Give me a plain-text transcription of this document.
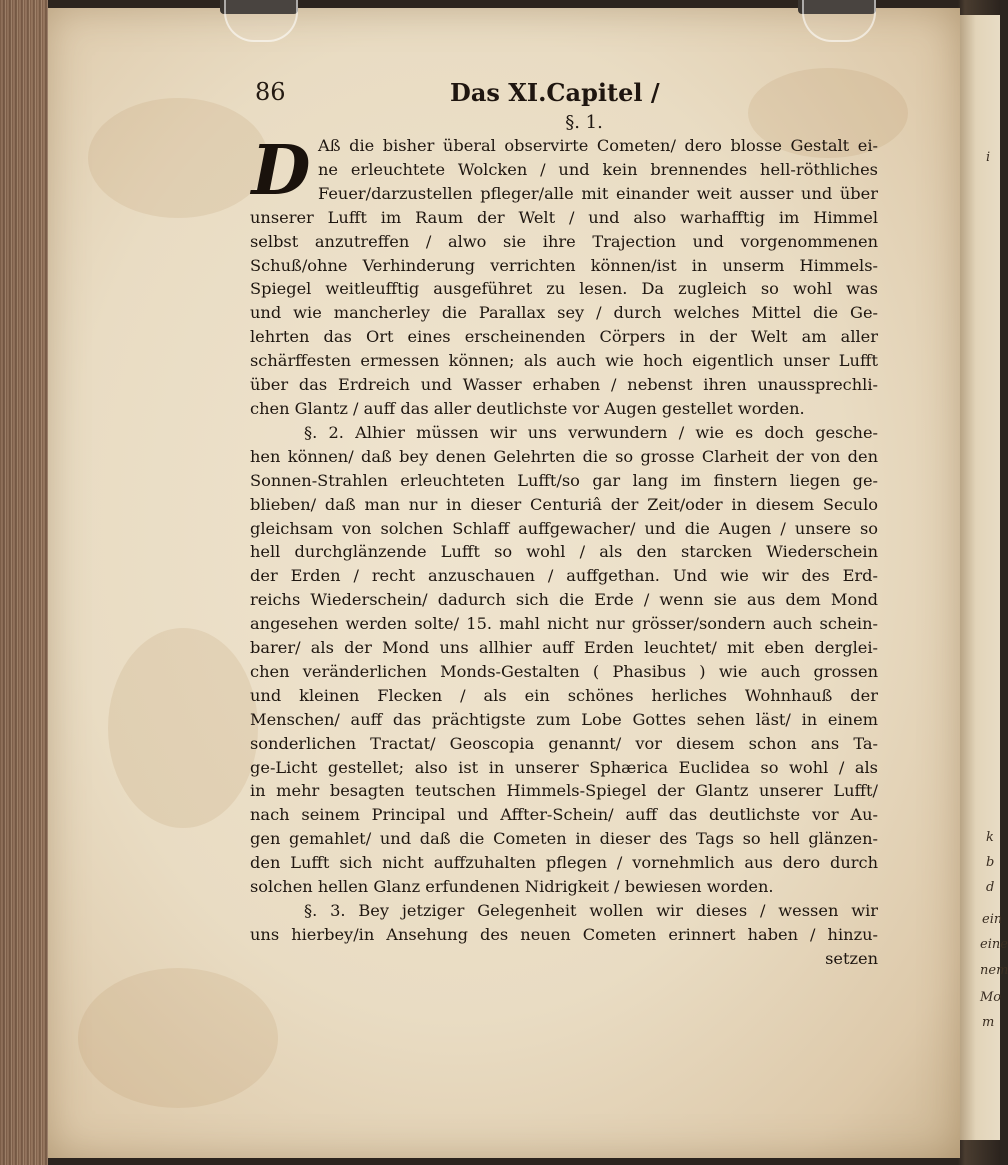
i
k
b
d
ein
eine
nem
Mo
m
86	Das XI.Capitel /
§. 1.
D Aß die bisher überal observirte Cometen/ dero blosse Gestalt ei-
ne erleuchtete Wolcken / und kein brennendes hell-röthliches
Feuer/darzustellen pfleger/alle mit einander weit ausser und über
unserer Lufft im Raum der Welt / und also warhafftig im Himmel
selbst anzutreffen / alwo sie ihre Trajection und vorgenommenen
Schuß/ohne Verhinderung verrichten können/ist in unserm Himmels-
Spiegel weitleufftig ausgeführet zu lesen. Da zugleich so wohl was
und wie mancherley die Parallax sey / durch welches Mittel die Ge-
lehrten das Ort eines erscheinenden Cörpers in der Welt am aller
schärffesten ermessen können; als auch wie hoch eigentlich unser Lufft
über das Erdreich und Wasser erhaben / nebenst ihren unaussprechli-
chen Glantz / auff das aller deutlichste vor Augen gestellet worden.
§. 2. Alhier müssen wir uns verwundern / wie es doch gesche-
hen können/ daß bey denen Gelehrten die so grosse Clarheit der von den
Sonnen-Strahlen erleuchteten Lufft/so gar lang im finstern liegen ge-
blieben/ daß man nur in dieser Centuriâ der Zeit/oder in diesem Seculo
gleichsam von solchen Schlaff auffgewacher/ und die Augen / unsere so
hell durchglänzende Lufft so wohl / als den starcken Wiederschein
der Erden / recht anzuschauen / auffgethan. Und wie wir des Erd-
reichs Wiederschein/ dadurch sich die Erde / wenn sie aus dem Mond
angesehen werden solte/ 15. mahl nicht nur grösser/sondern auch schein-
barer/ als der Mond uns allhier auff Erden leuchtet/ mit eben derglei-
chen veränderlichen Monds-Gestalten ( Phasibus ) wie auch grossen
und kleinen Flecken / als ein schönes herliches Wohnhauß der
Menschen/ auff das prächtigste zum Lobe Gottes sehen läst/ in einem
sonderlichen Tractat/ Geoscopia genannt/ vor diesem schon ans Ta-
ge-Licht gestellet; also ist in unserer Sphærica Euclidea so wohl / als
in mehr besagten teutschen Himmels-Spiegel der Glantz unserer Lufft/
nach seinem Principal und Affter-Schein/ auff das deutlichste vor Au-
gen gemahlet/ und daß die Cometen in dieser des Tags so hell glänzen-
den Lufft sich nicht auffzuhalten pflegen / vornehmlich aus dero durch
solchen hellen Glanz erfundenen Nidrigkeit / bewiesen worden.
§. 3. Bey jetziger Gelegenheit wollen wir dieses / wessen wir
uns hierbey/in Ansehung des neuen Cometen erinnert haben / hinzu-
setzen
